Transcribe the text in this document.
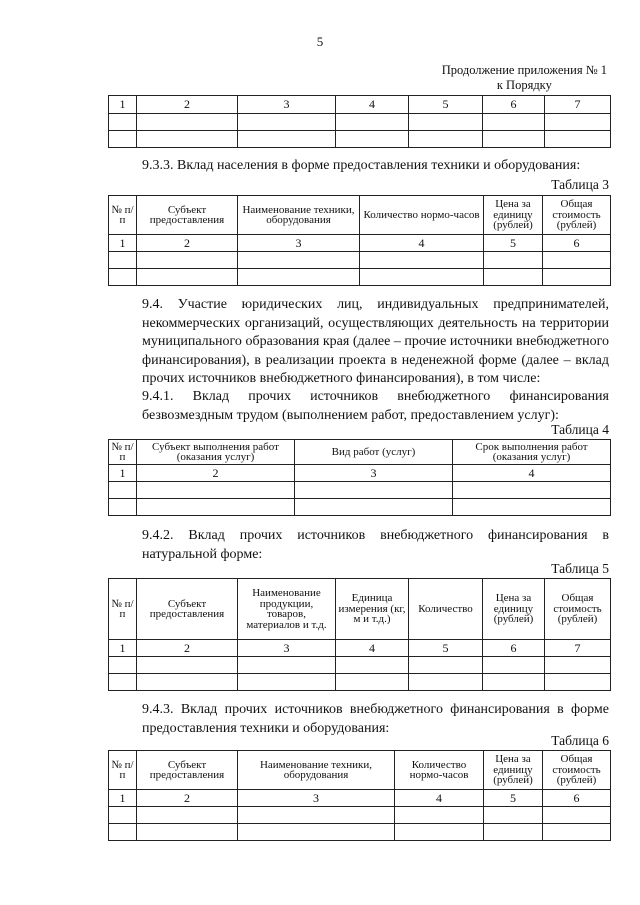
5
Продолжение приложения № 1
к Порядку
1	2	3	4	5	6	7

9.3.3. Вклад населения в форме предоставления техники и оборудования:
Таблица 3
№ п/п	Субъект предоставления	Наименование техники, оборудования	Количество нормо-часов	Цена за единицу (рублей)	Общая стоимость (рублей)
1	2	3	4	5	6

9.4. Участие юридических лиц, индивидуальных предпринимателей, некоммерческих организаций, осуществляющих деятельность на территории муниципального образования края (далее – прочие источники внебюджетного финансирования), в реализации проекта в неденежной форме (далее – вклад прочих источников внебюджетного финансирования), в том числе:
9.4.1. Вклад прочих источников внебюджетного финансирования безвозмездным трудом (выполнением работ, предоставлением услуг):
Таблица 4
№ п/п	Субъект выполнения работ (оказания услуг)	Вид работ (услуг)	Срок выполнения работ (оказания услуг)
1	2	3	4

9.4.2. Вклад прочих источников внебюджетного финансирования в натуральной форме:
Таблица 5
№ п/п	Субъект предоставления	Наименование продукции, товаров, материалов и т.д.	Единица измерения (кг, м и т.д.)	Количество	Цена за единицу (рублей)	Общая стоимость (рублей)
1	2	3	4	5	6	7

9.4.3. Вклад прочих источников внебюджетного финансирования в форме предоставления техники и оборудования:
Таблица 6
№ п/п	Субъект предоставления	Наименование техники, оборудования	Количество нормо-часов	Цена за единицу (рублей)	Общая стоимость (рублей)
1	2	3	4	5	6
